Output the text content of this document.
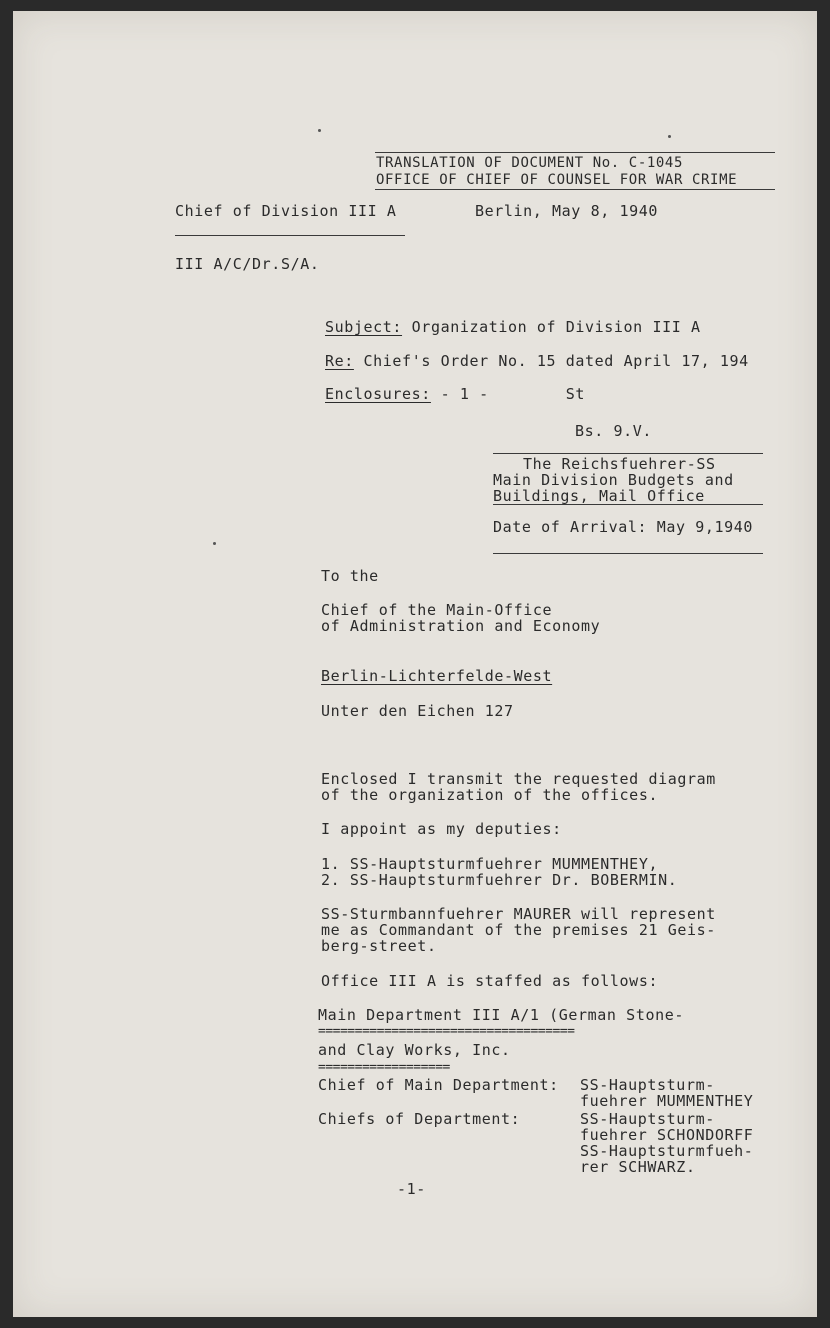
TRANSLATION OF DOCUMENT No. C-1045
OFFICE OF CHIEF OF COUNSEL FOR WAR CRIME
Chief of Division III A	Berlin, May 8, 1940
III A/C/Dr.S/A.
Subject: Organization of Division III A
Re: Chief's Order No. 15 dated April 17, 194
Enclosures: - 1 -        St
Bs. 9.V.
The Reichsfuehrer-SS
Main Division Budgets and
Buildings, Mail Office
Date of Arrival: May 9,1940
To the
Chief of the Main-Office
of Administration and Economy
Berlin-Lichterfelde-West
Unter den Eichen 127
Enclosed I transmit the requested diagram
of the organization of the offices.
I appoint as my deputies:
1. SS-Hauptsturmfuehrer MUMMENTHEY,
2. SS-Hauptsturmfuehrer Dr. BOBERMIN.
SS-Sturmbannfuehrer MAURER will represent
me as Commandant of the premises 21 Geis-
berg-street.
Office III A is staffed as follows:
Main Department III A/1 (German Stone-
===================================
and Clay Works, Inc.
==================
Chief of Main Department: SS-Hauptsturm-
fuehrer MUMMENTHEY
Chiefs of Department:	SS-Hauptsturm-
fuehrer SCHONDORFF
SS-Hauptsturmfueh-
rer SCHWARZ.
-1-
